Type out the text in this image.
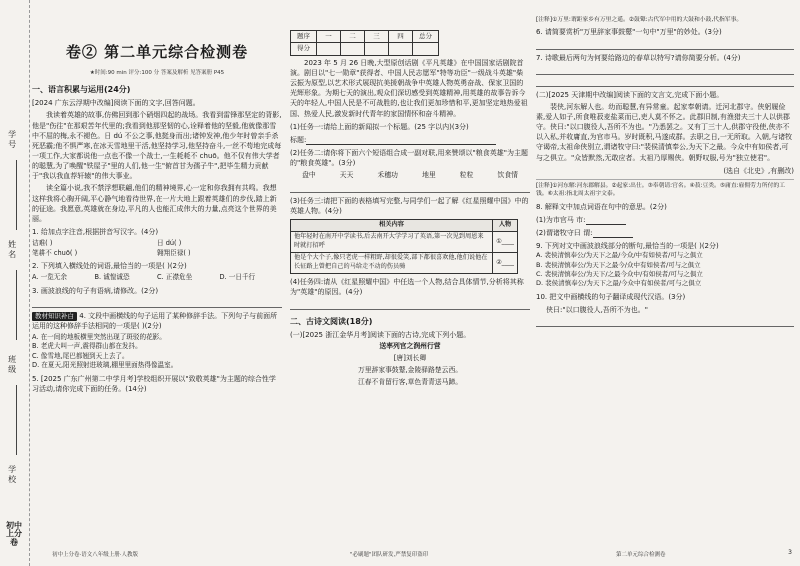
学号
姓名
班级
学校
初中上分卷
卷② 第二单元综合检测卷
★时间:90 min 评分:100 分 答案及解析 见答案册 P45
一、语言积累与运用(24分)
[2024 广东云浮期中改编]阅读下面的文字,回答问题。
我读着英雄的故事,仿佛回到那个硝烟四起的战场。我看到雷锋那坚定的背影,他是"伤往"在那艰苦年代里的;我看到他那坚韧的心,诠释着他的坚毅,他就像那雪中不屈的梅,永不褪色。日 dú 不公之事,他挺身而出;诸钟发神,他少年时曾亲手杀死恶霸;他不惧严寒,在冰天雪地里干活,他坚持学习,他坚持奋斗,一丝不苟地完成每一项工作,大家都说他一点也不像一个战士,一生耗耗不 chuō。他不仅有伟大学者的聪慧,为了唤醒"铁屋子"里的人们,他一生"俯首甘为孺子牛",把毕生精力贡献于"我以我血荐轩辕"的伟大事业。
读全篇小说,我不禁浮想联翩,他们的精神境界,心一定和你我拥有共鸣。我想这样我将心胸开阔,平心静气地看待世界,在一片大地上跟着英雄们的步伐,踏上新的征途。我愿意,英雄就在身边,平凡的人也能汇成伟大的力量,点亮这个世界的美丽。
1. 给加点字注音,根据拼音写汉字。(4分)
诘难( )	日 dú( )
笔耕不 chuō( )	翱翔臣禄( )
2. 下列填入横线处的词语,最恰当的一项是( )(2分)
A. 一览无余	B. 诚惶诚恐	C. 正襟危坐	D. 一日千行
3. 画波浪线的句子有语病,请修改。(2分)
教材知识补白 4. 文段中画横线的句子运用了某种修辞手法。下列句子与前面所运用的这种修辞手法相同的一项是( )(2分)
A. 在一间的地板横里突然出现了斑驳的花影。
B. 老虎大叫一声,震得群山都在发抖。
C. 像雪地,尾巴都翘到天上去了。
D. 在夏天,阳光照射进玻璃,棚里里面热得像温室。
5. [2025 广东广州第二中学月考]学校组织开展以"致敬英雄"为主题的综合性学习活动,请你完成下面的任务。(14分)
初中上分卷·语文八年级上册·人教版
题序	一	二	三	四	总分
得分					
2023 年 5 月 26 日晚,大型原创话剧《平凡英雄》在中国国家话剧院首演。剧目以"七一勋章"获得者、中国人民志愿军"特等功臣"一级战斗英雄"柴云振为原型,以艺术形式展现抗美援朝战争中英雄人物英勇奋战、保家卫国的光辉形象。为期七天的演出,观众们深切感受到英雄精神,用英雄的故事告诉今天的年轻人,中国人民是不可战胜的,也让我们更加珍惜和平,更加坚定地热爱祖国、热爱人民,激发新时代青年的家国情怀和奋斗精神。
(1)任务一:请给上面的新闻拟一个标题。(25 字以内)(3分)
标题:
(2)任务二:请你将下面六个短语组合成一副对联,用来赞颂以"粮食英雄"为主题的"粮食英雄"。(3分)
盘中	天天	禾穗功	地里	粒粒	饮食情
(3)任务三:请把下面的表格填写完整,与同学们一起了解《红星照耀中国》中的英雄人物。(4分)
相关内容	人物
他年轻时在南开中学读书,后去南开大学学习了英语,第一次见到周恩来时就打招呼	①____
他是个大个子,像只老虎一样粗野,却很爱笑,部下都很喜欢他,他们说他在长征路上曾把自己的马给走不动的伤员骑	②____
(4)任务四:请从《红星照耀中国》中任选一个人物,结合具体情节,分析将其称为"英雄"的原因。(4分)
二、古诗文阅读(18分)
(一)[2025 浙江金华月考]阅读下面的古诗,完成下列小题。
送率列官之润州行营
[唐]刘长卿
万里辞家事鼓鼙,金陵驿路楚云西。
江春不肯留行客,草色青青送马蹄。
"必刷题"团队研发,严禁复印盗印
[注释]①万里:谓距家乡有万里之遥。②鼓鼙:古代军中用的大鼓和小鼓,代指军事。
6. 请简要赏析"万里辞家事鼓鼙"一句中"万里"的妙处。(3分)
7. 诗歌最后两句为何要给路边的春草以特写?请你简要分析。(4分)
(二)[2025 天津期中改编]阅读下面的文言文,完成下面小题。
裴侠,河东解人也。幼而聪慧,有异常童。起家奉朝请。迁河北郡守。侠躬履俭素,爱人如子,所食唯菽麦盐菜而已,吏人莫不怀之。此郡旧制,有渔猎夫三十人以供郡守。侠曰:"以口腹役人,吾所不为也。"乃悉罢之。又有丁三十人,供郡守役使,侠亦不以入私,并收庸直,为官市马。岁时既积,马遂成群。去职之日,一无所取。入朝,与诸牧守谒帝,太祖命侠别立,谓诸牧守曰:"裴侯清慎奉公,为天下之最。今众中有如侯者,可与之俱立。"众皆默然,无敢应者。太祖乃厚赐侠。朝野叹服,号为"独立使君"。
(选自《北史》,有删改)
[注释]①河东解:河东郡解县。②起家:出仕。③奉朝请:官名。④菽:豆类。⑤庸直:雇佣劳力所付的工钱。⑥太祖:指北周太祖宇文泰。
8. 解释文中加点词语在句中的意思。(2分)
(1)为市官马 市:
(2)谓诸牧守曰 谓:
9. 下列对文中画波浪线部分的断句,最恰当的一项是( )(2分)
A. 裴侯清慎奉公/为天下之最/今众/中有如侯者/可与之俱立
B. 裴侯清慎奉公/为天下之最今/众中有如侯者/可与之俱立
C. 裴侯清慎奉公/为天下/之最今众中/有如侯者/可与之俱立
D. 裴侯清慎奉公/为天下之最/今众中有如侯者/可与之俱立
10. 把文中画横线的句子翻译成现代汉语。(3分)
侠曰:"以口腹役人,吾所不为也。"
第二单元综合检测卷	3
